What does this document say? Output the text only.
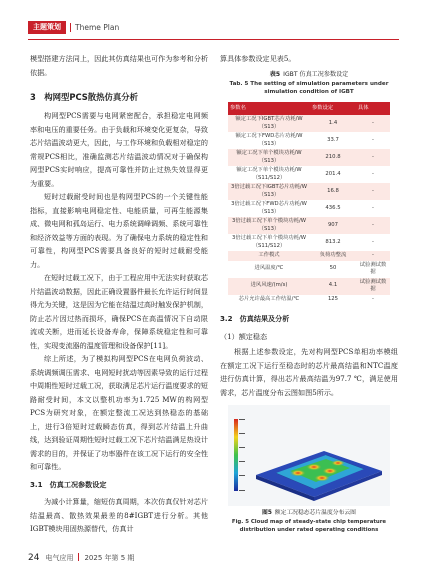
主题策划	Theme Plan

模型搭建方法同上，因此其仿真结果也可作为参考和分析依据。

3　构网型PCS散热仿真分析

构网型PCS需要与电网紧密配合，承担稳定电网频率和电压的重要任务。由于负载和环境变化更复杂，导致芯片结温波动更大，因此，与工作环境和负载相对稳定的常规PCS相比，准确监测芯片结温波动情况对于确保构网型PCS实时响应，提高可靠性并防止过热失效显得更为重要。

短时过载耐受时间也是构网型PCS的一个关键性能指标，直接影响电网稳定性、电能质量，可再生能源集成、微电网和孤岛运行、电力系统调峰调频、系统可靠性和经济效益等方面的表现。为了确保电力系统的稳定性和可靠性，构网型PCS需要具备良好的短时过载耐受能力。

在短时过载工况下，由于工程应用中无法实时获取芯片结温波动数据，因此正确设置器件最长允许运行时间显得尤为关键，这是因为它能在结温过高时触发保护机制，防止芯片因过热而损坏，确保PCS在高温情况下自动限流或关断，进而延长设备寿命，保障系统稳定性和可靠性，实现变流器的温度管理和设备保护[11]。

综上所述，为了模拟构网型PCS在电网负荷波动、系统调频调压需求、电网短时扰动等因素导致的运行过程中周期性短时过载工况，获取满足芯片运行温度要求的短路耐受时间，本文以整机功率为1.725 MW的构网型PCS为研究对象，在额定整流工况达到热稳态的基础上，进行3倍短时过载瞬态仿真，得到芯片结温上升曲线，达到验证周期性短时过载工况下芯片结温满足热设计需求的目的，并保证了功率器件在该工况下运行的安全性和可靠性。

3.1　仿真工况参数设定

为减小计算量，缩短仿真周期，本次仿真仅针对芯片结温最高、散热效果最差的8#IGBT进行分析。其他IGBT模块用固热源替代，仿真计

算具体参数设定见表5。

表5  IGBT 仿真工况参数设定

Tab. 5 The setting of simulation parameters under simulation condition of IGBT

参数名	参数设定	具体
额定工况下IGBT芯片功耗/W（S13）	1.4	-
额定工况下FWD芯片功耗/W（S13）	33.7	-
额定工况下单个模块功耗/W（S13）	210.8	-
额定工况下单个模块功耗/W（S11/S12）	201.4	-
3倍过载工况下IGBT芯片功耗/W（S13）	16.8	-
3倍过载工况下FWD芯片功耗/W（S13）	436.5	-
3倍过载工况下单个模块功耗/W（S13）	907	-
3倍过载工况下单个模块功耗/W（S11/S12）	813.2	-
工作模式	负荷功整流	-
进风温度/℃	50	试验测试数据
进风风速/(m/s)	4.1	试验测试数据
芯片允许最高工作结温/℃	125	-

3.2　仿真结果及分析

（1）额定稳态

根据上述参数设定，先对构网型PCS单相功率模组在额定工况下运行至稳态时的芯片最高结温和NTC温度进行仿真计算，得出芯片最高结温为97.7 ℃，满足使用需求，芯片温度分布云图如图5所示。

图5  额定工况稳态芯片温度分布云图

Fig. 5 Cloud map of steady-state chip temperature distribution under rated operating conditions

24 电气应用 2025 年第 5 期
